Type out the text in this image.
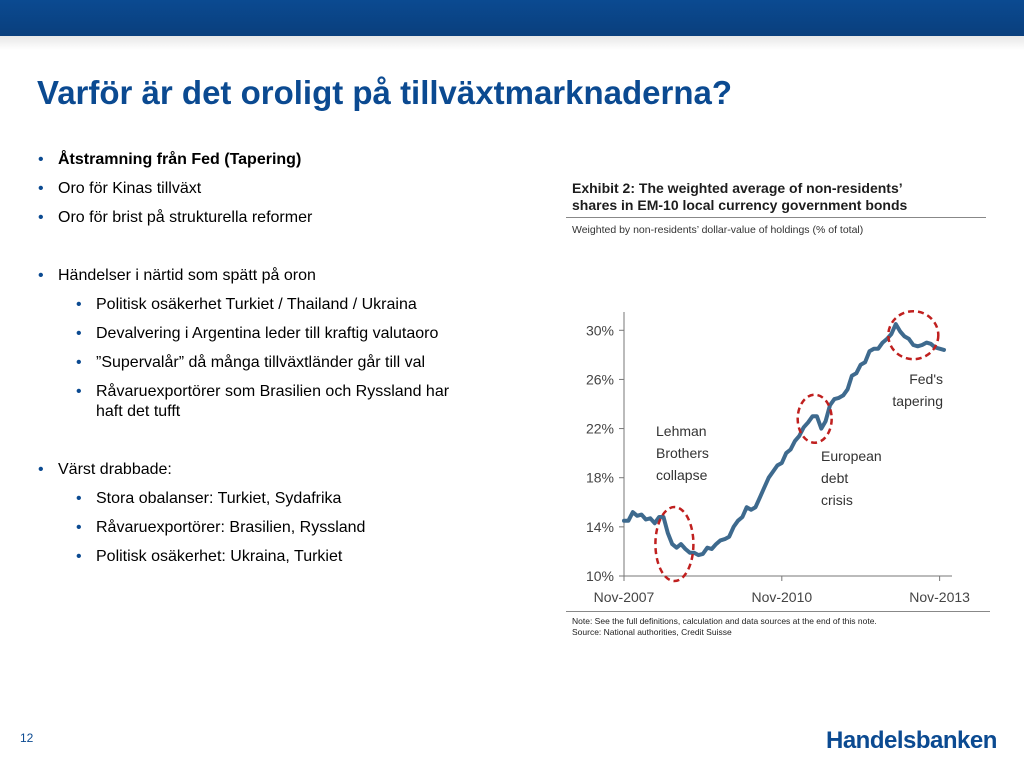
Varför är det oroligt på tillväxtmarknaderna?
• Åtstramning från Fed (Tapering)
• Oro för Kinas tillväxt
• Oro för brist på strukturella reformer
• Händelser i närtid som spätt på oron
• Politisk osäkerhet Turkiet / Thailand / Ukraina
• Devalvering i Argentina leder till kraftig valutaoro
• ”Supervalår” då många tillväxtländer går till val
• Råvaruexportörer som Brasilien och Ryssland har haft det tufft
• Värst drabbade:
• Stora obalanser: Turkiet, Sydafrika
• Råvaruexportörer: Brasilien, Ryssland
• Politisk osäkerhet: Ukraina, Turkiet
Exhibit 2: The weighted average of non-residents’
shares in EM-10 local currency government bonds
Weighted by non-residents’ dollar-value of holdings (% of total)
10%
14%
18%
22%
26%
30%
Nov-2007	Nov-2010	Nov-2013
Lehman
Brothers
collapse
European
debt
crisis
Fed's
tapering
Note: See the full definitions, calculation and data sources at the end of this note.
Source: National authorities, Credit Suisse
12	Handelsbanken
